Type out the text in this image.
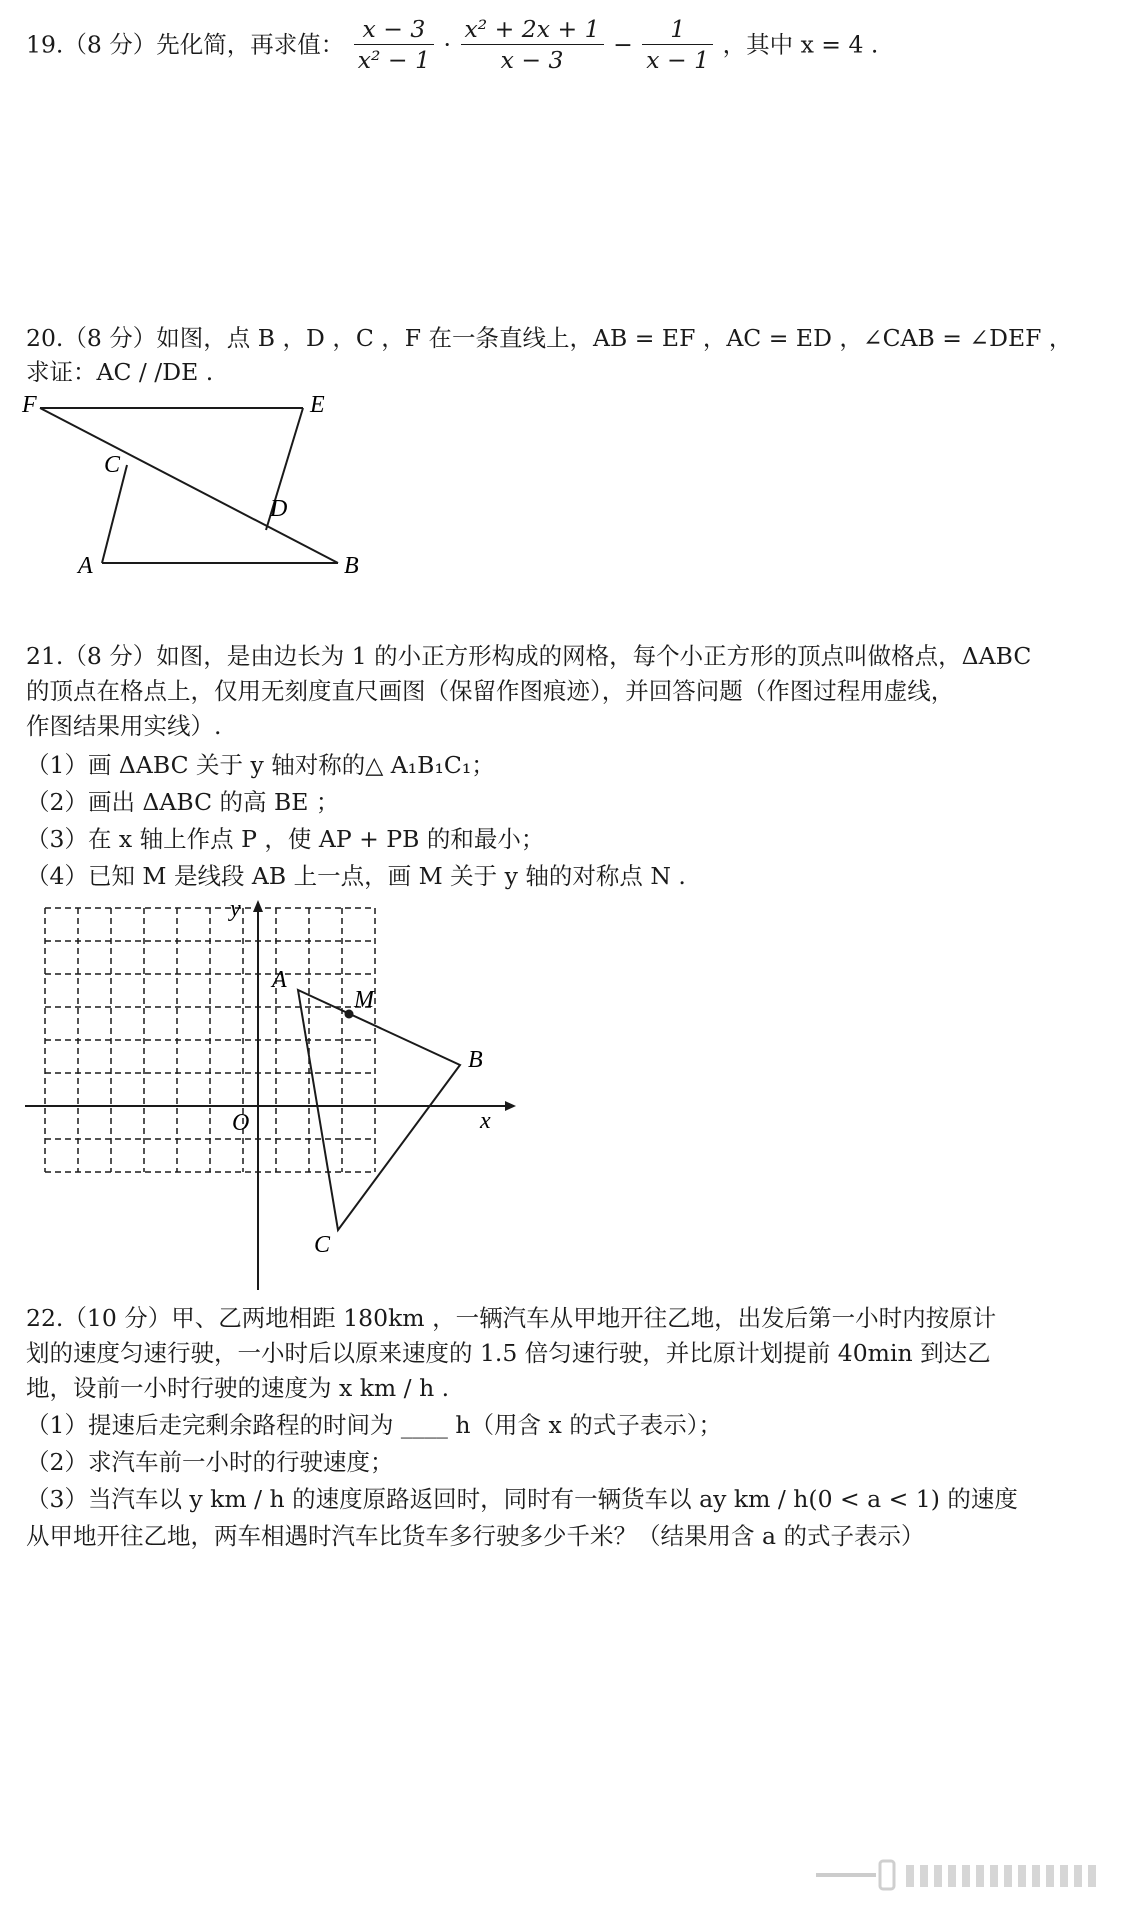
19.（8 分）先化简，再求值： $\frac{x - 3}{\text{x² − 1}} \cdot \frac{\text{x² + 2x + 1}}{x - 3} - \frac{1}{x - 1}$ ，其中 x = 4 .
20.（8 分）如图，点 B ，D ，C ，F 在一条直线上，AB = EF ，AC = ED ，∠CAB = ∠DEF ，
求证：AC / /DE .
F	E
C
D
A	B
21.（8 分）如图，是由边长为 1 的小正方形构成的网格，每个小正方形的顶点叫做格点，ΔABC
的顶点在格点上，仅用无刻度直尺画图（保留作图痕迹），并回答问题（作图过程用虚线，
作图结果用实线）.
（1）画 ΔABC 关于 y 轴对称的△ A₁B₁C₁；
（2）画出 ΔABC 的高 BE ；
（3）在 x 轴上作点 P ，使 AP + PB 的和最小；
（4）已知 M 是线段 AB 上一点，画 M 关于 y 轴的对称点 N .
y
x
O
A
M
B
C
22.（10 分）甲、乙两地相距 180km ，一辆汽车从甲地开往乙地，出发后第一小时内按原计
划的速度匀速行驶，一小时后以原来速度的 1.5 倍匀速行驶，并比原计划提前 40min 到达乙
地，设前一小时行驶的速度为 x km / h .
（1）提速后走完剩余路程的时间为 ____ h（用含 x 的式子表示）；
（2）求汽车前一小时的行驶速度；
（3）当汽车以 y km / h 的速度原路返回时，同时有一辆货车以 ay km / h(0 < a < 1) 的速度
从甲地开往乙地，两车相遇时汽车比货车多行驶多少千米？（结果用含 a 的式子表示）
